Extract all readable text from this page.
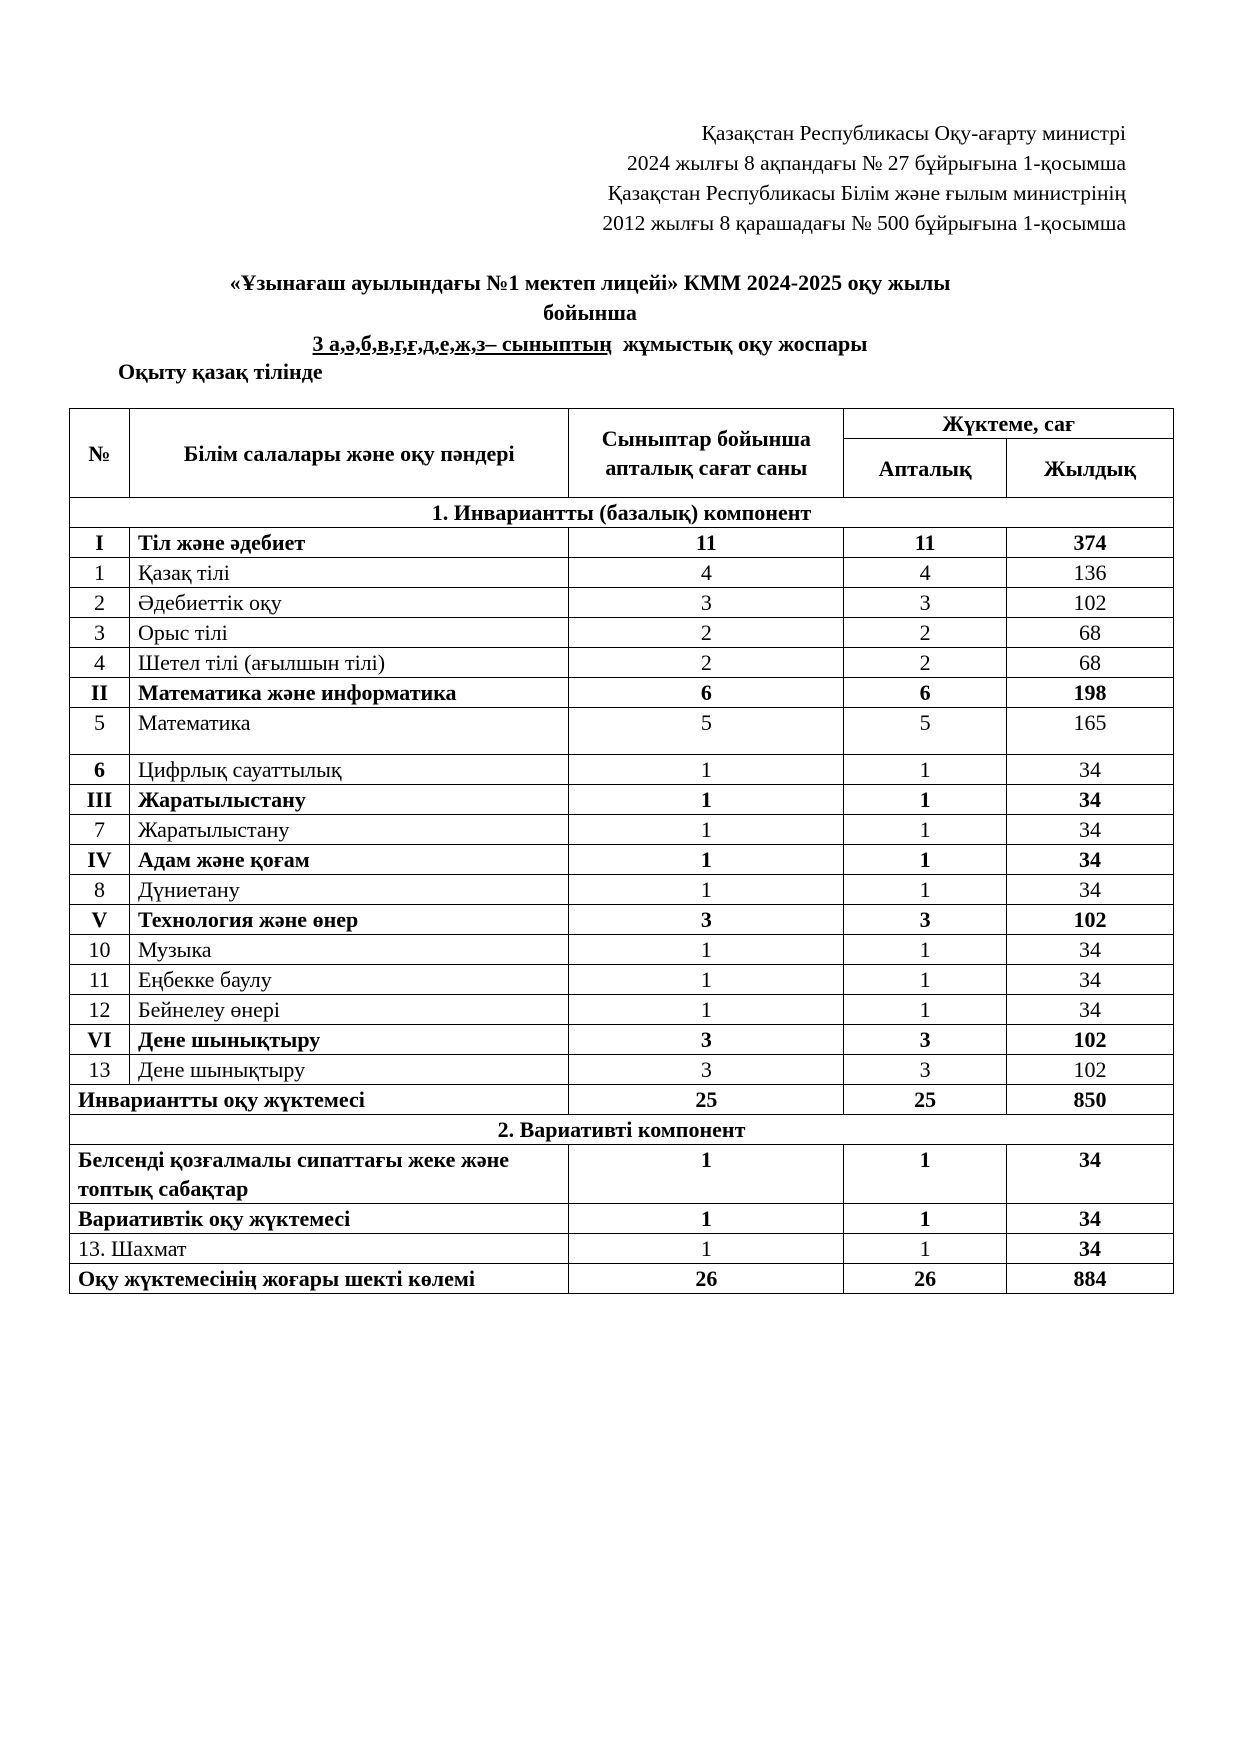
Қазақстан Республикасы Оқу-ағарту министрі
2024 жылғы 8 ақпандағы № 27 бұйрығына 1-қосымша
Қазақстан Республикасы Білім және ғылым министрінің
2012 жылғы 8 қарашадағы № 500 бұйрығына 1-қосымша
«Ұзынағаш ауылындағы №1 мектеп лицейі» КММ 2024-2025 оқу жылы
бойынша
3 а,ә,б,в,г,ғ,д,е,ж,з– сыныптың  жұмыстық оқу жоспары
Оқыту қазақ тілінде
№	Білім салалары және оқу пәндері	Сыныптар бойынша апталық сағат саны	Жүктеме, сағ	
			Апталық	Жылдық
1. Инвариантты (базалық) компонент				
I	Тіл және әдебиет	11	11	374
1	Қазақ тілі	4	4	136
2	Әдебиеттік оқу	3	3	102
3	Орыс тілі	2	2	68
4	Шетел тілі (ағылшын тілі)	2	2	68
II	Математика және информатика	6	6	198
5	Математика	5	5	165
6	Цифрлық сауаттылық	1	1	34
III	Жаратылыстану	1	1	34
7	Жаратылыстану	1	1	34
IV	Адам және қоғам	1	1	34
8	Дүниетану	1	1	34
V	Технология және өнер	3	3	102
10	Музыка	1	1	34
11	Еңбекке баулу	1	1	34
12	Бейнелеу өнері	1	1	34
VI	Дене шынықтыру	3	3	102
13	Дене шынықтыру	3	3	102
Инвариантты оқу жүктемесі		25	25	850
2. Вариативті компонент				
Белсенді қозғалмалы сипаттағы жеке және топтық сабақтар		1	1	34
Вариативтік оқу жүктемесі		1	1	34
13. Шахмат		1	1	34
Оқу жүктемесінің жоғары шекті көлемі		26	26	884
